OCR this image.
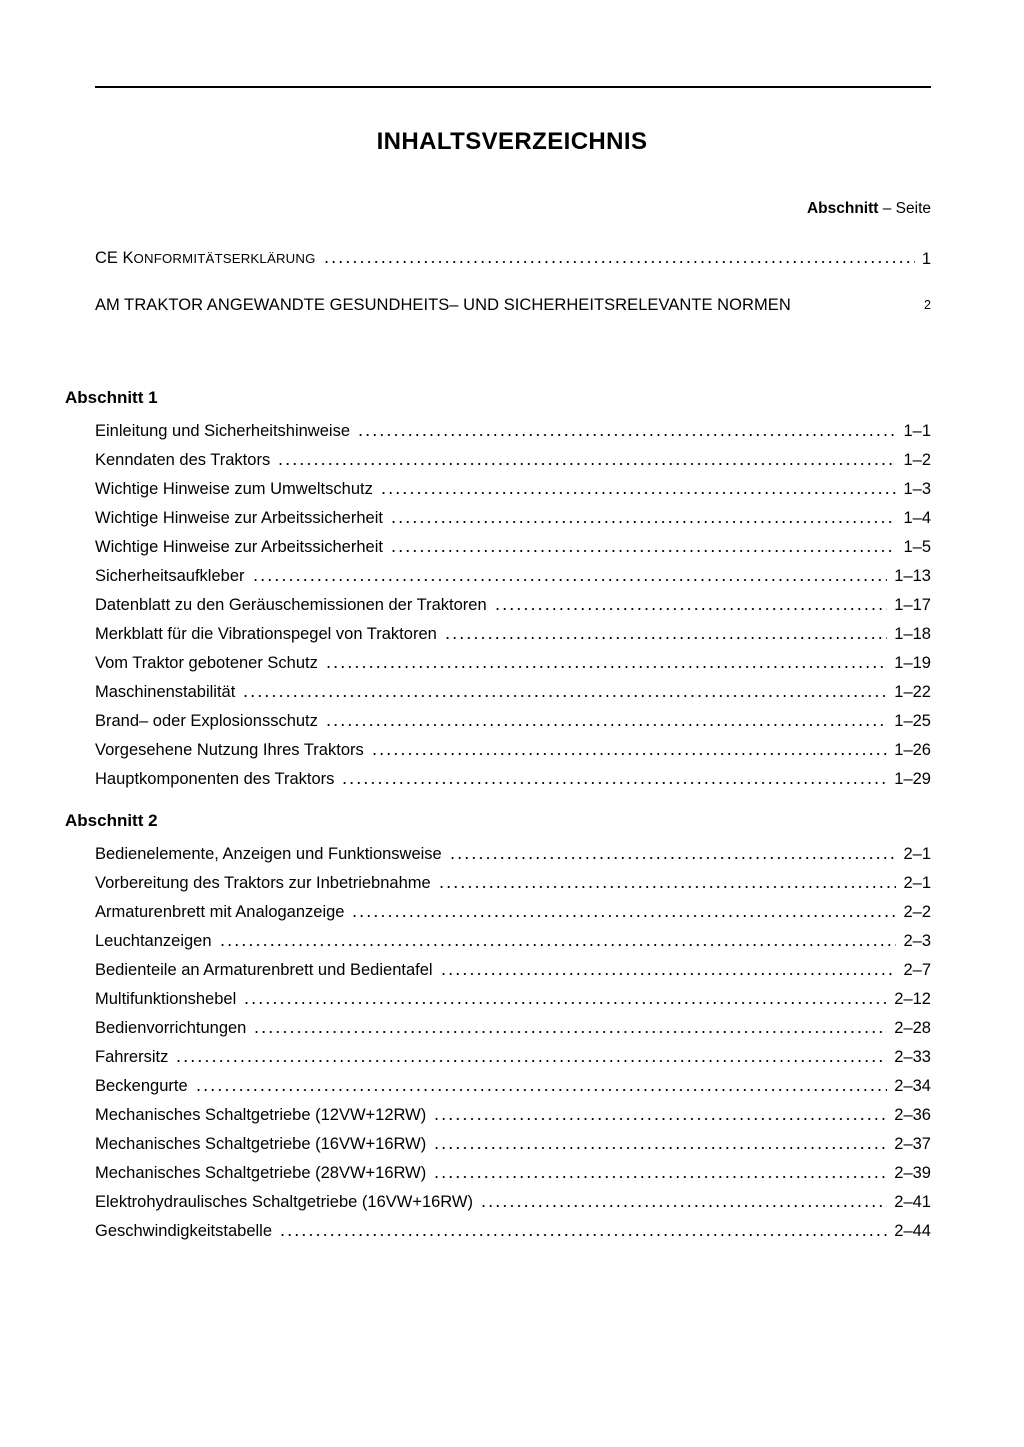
INHALTSVERZEICHNIS
Abschnitt – Seite
CE KONFORMITÄTSERKLÄRUNG	1
AM TRAKTOR ANGEWANDTE GESUNDHEITS– UND SICHERHEITSRELEVANTE NORMEN	2
Abschnitt 1
Einleitung und Sicherheitshinweise	1–1
Kenndaten des Traktors	1–2
Wichtige Hinweise zum Umweltschutz	1–3
Wichtige Hinweise zur Arbeitssicherheit	1–4
Wichtige Hinweise zur Arbeitssicherheit	1–5
Sicherheitsaufkleber	1–13
Datenblatt zu den Geräuschemissionen der Traktoren	1–17
Merkblatt für die Vibrationspegel von Traktoren	1–18
Vom Traktor gebotener Schutz	1–19
Maschinenstabilität	1–22
Brand– oder Explosionsschutz	1–25
Vorgesehene Nutzung Ihres Traktors	1–26
Hauptkomponenten des Traktors	1–29
Abschnitt 2
Bedienelemente, Anzeigen und Funktionsweise	2–1
Vorbereitung des Traktors zur Inbetriebnahme	2–1
Armaturenbrett mit Analoganzeige	2–2
Leuchtanzeigen	2–3
Bedienteile an Armaturenbrett und Bedientafel	2–7
Multifunktionshebel	2–12
Bedienvorrichtungen	2–28
Fahrersitz	2–33
Beckengurte	2–34
Mechanisches Schaltgetriebe (12VW+12RW)	2–36
Mechanisches Schaltgetriebe (16VW+16RW)	2–37
Mechanisches Schaltgetriebe (28VW+16RW)	2–39
Elektrohydraulisches Schaltgetriebe (16VW+16RW)	2–41
Geschwindigkeitstabelle	2–44
